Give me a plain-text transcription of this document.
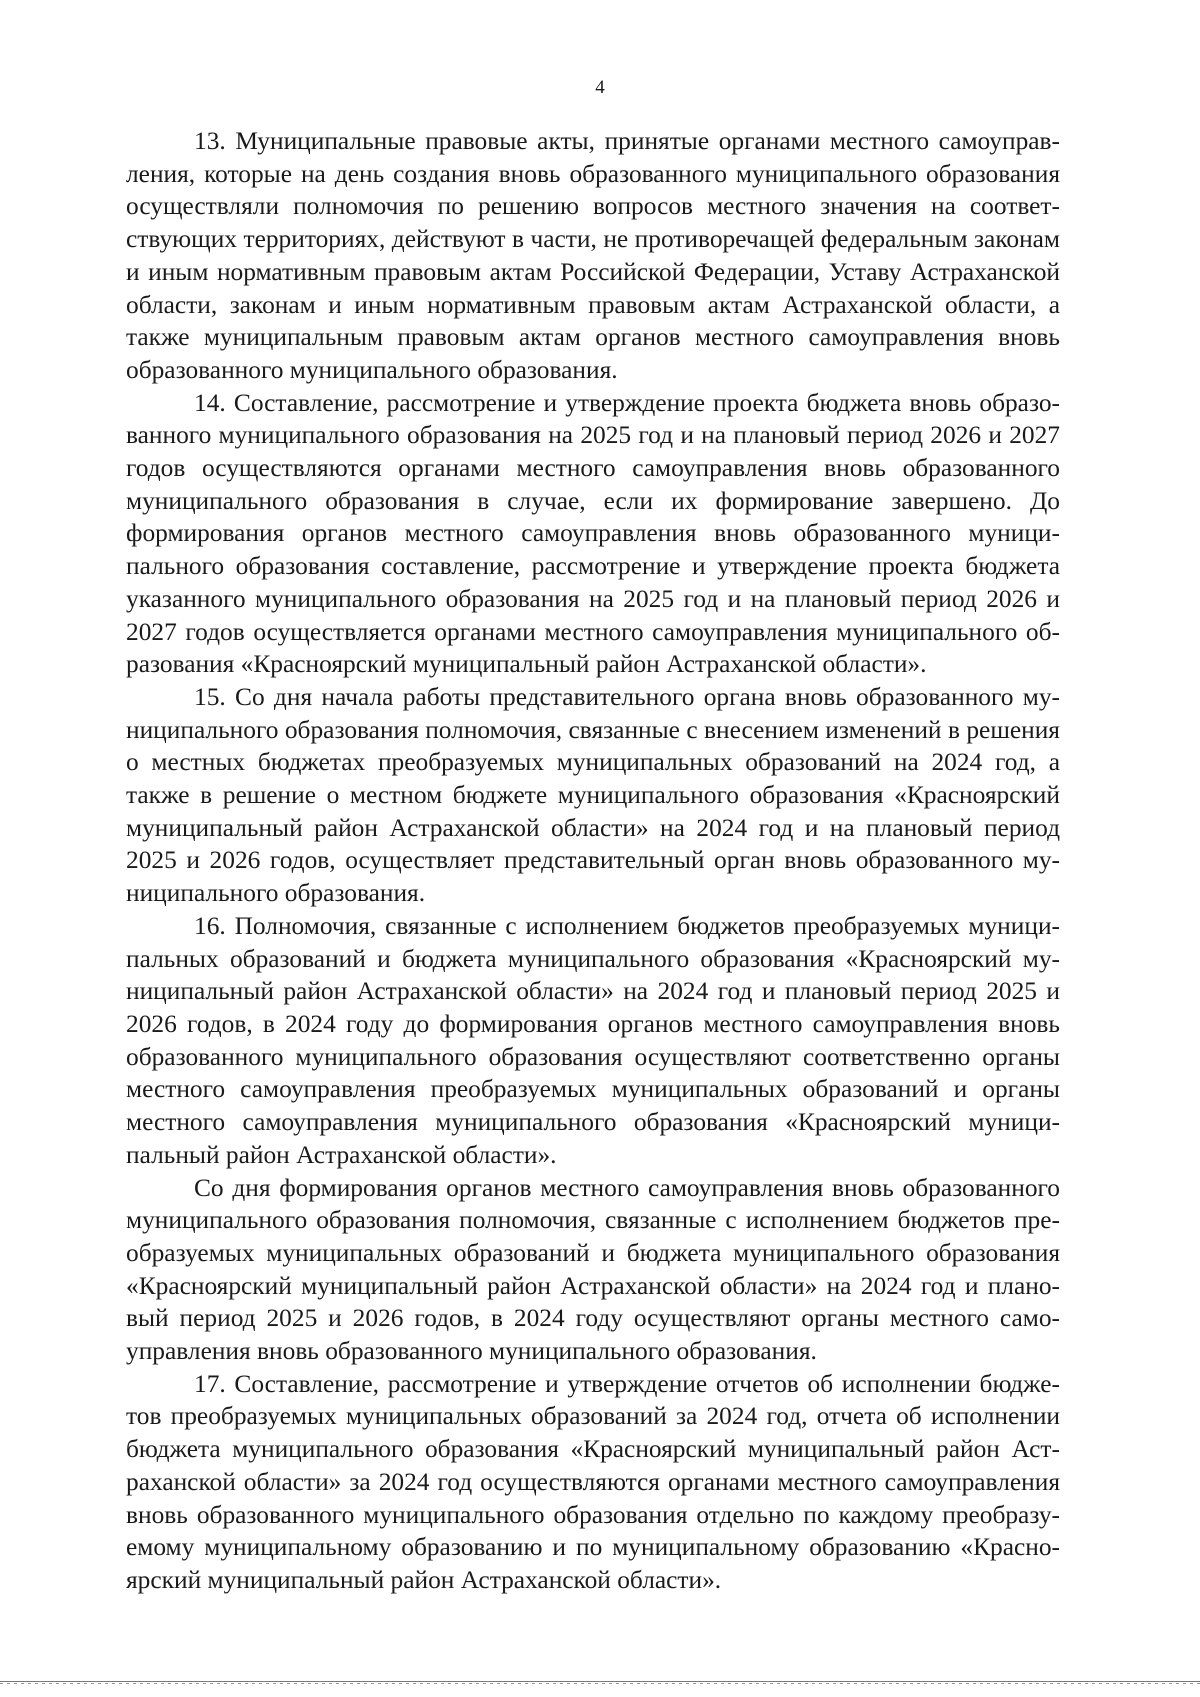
4

13. Муниципальные правовые акты, принятые органами местного самоуправления, которые на день создания вновь образованного муниципального образования осуществляли полномочия по решению вопросов местного значения на соответствующих территориях, действуют в части, не противоречащей федеральным законам и иным нормативным правовым актам Российской Федерации, Уставу Астраханской области, законам и иным нормативным правовым актам Астраханской области, а также муниципальным правовым актам органов местного самоуправления вновь образованного муниципального образования.

14. Составление, рассмотрение и утверждение проекта бюджета вновь образованного муниципального образования на 2025 год и на плановый период 2026 и 2027 годов осуществляются органами местного самоуправления вновь образованного муниципального образования в случае, если их формирование завершено. До формирования органов местного самоуправления вновь образованного муниципального образования составление, рассмотрение и утверждение проекта бюджета указанного муниципального образования на 2025 год и на плановый период 2026 и 2027 годов осуществляется органами местного самоуправления муниципального образования «Красноярский муниципальный район Астраханской области».

15. Со дня начала работы представительного органа вновь образованного муниципального образования полномочия, связанные с внесением изменений в решения о местных бюджетах преобразуемых муниципальных образований на 2024 год, а также в решение о местном бюджете муниципального образования «Красноярский муниципальный район Астраханской области» на 2024 год и на плановый период 2025 и 2026 годов, осуществляет представительный орган вновь образованного муниципального образования.

16. Полномочия, связанные с исполнением бюджетов преобразуемых муниципальных образований и бюджета муниципального образования «Красноярский муниципальный район Астраханской области» на 2024 год и плановый период 2025 и 2026 годов, в 2024 году до формирования органов местного самоуправления вновь образованного муниципального образования осуществляют соответственно органы местного самоуправления преобразуемых муниципальных образований и органы местного самоуправления муниципального образования «Красноярский муниципальный район Астраханской области».

Со дня формирования органов местного самоуправления вновь образованного муниципального образования полномочия, связанные с исполнением бюджетов преобразуемых муниципальных образований и бюджета муниципального образования «Красноярский муниципальный район Астраханской области» на 2024 год и плановый период 2025 и 2026 годов, в 2024 году осуществляют органы местного самоуправления вновь образованного муниципального образования.

17. Составление, рассмотрение и утверждение отчетов об исполнении бюджетов преобразуемых муниципальных образований за 2024 год, отчета об исполнении бюджета муниципального образования «Красноярский муниципальный район Астраханской области» за 2024 год осуществляются органами местного самоуправления вновь образованного муниципального образования отдельно по каждому преобразуемому муниципальному образованию и по муниципальному образованию «Красноярский муниципальный район Астраханской области».
